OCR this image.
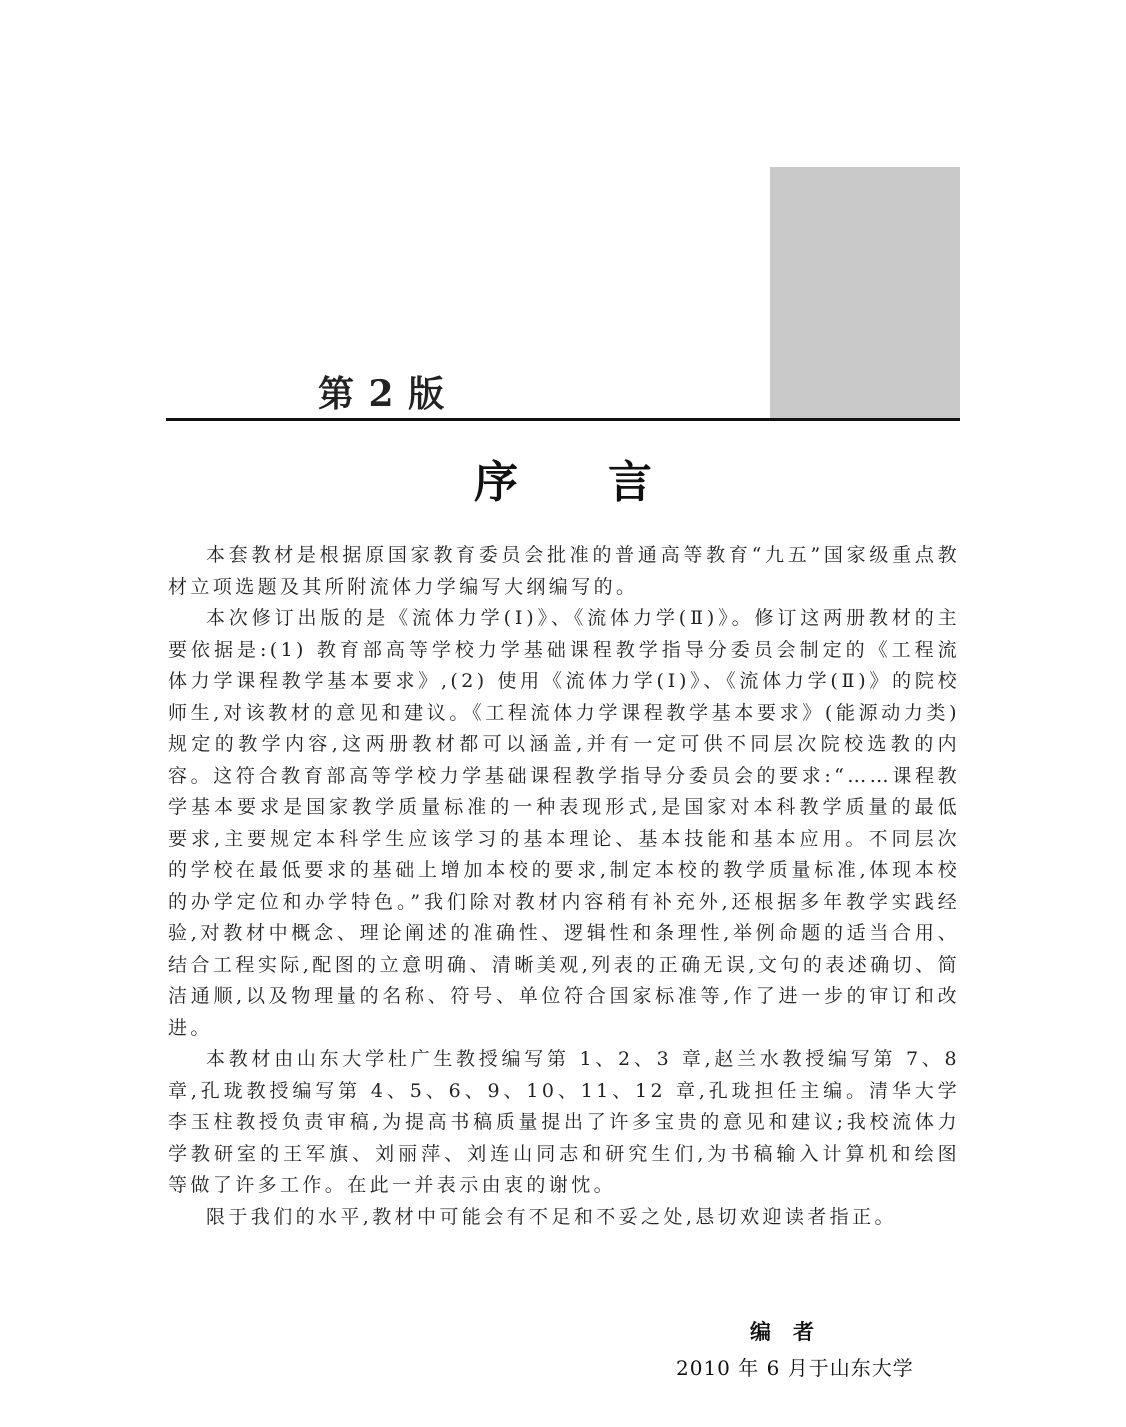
第 2 版
序言

本套教材是根据原国家教育委员会批准的普通高等教育“九五”国家级重点教材立项选题及其所附流体力学编写大纲编写的。

本次修订出版的是《流体力学(Ⅰ)》、《流体力学(Ⅱ)》。修订这两册教材的主要依据是:(1) 教育部高等学校力学基础课程教学指导分委员会制定的《工程流体力学课程教学基本要求》,(2) 使用《流体力学(Ⅰ)》、《流体力学(Ⅱ)》的院校师生,对该教材的意见和建议。《工程流体力学课程教学基本要求》(能源动力类)规定的教学内容,这两册教材都可以涵盖,并有一定可供不同层次院校选教的内容。这符合教育部高等学校力学基础课程教学指导分委员会的要求:“……课程教学基本要求是国家教学质量标准的一种表现形式,是国家对本科教学质量的最低要求,主要规定本科学生应该学习的基本理论、基本技能和基本应用。不同层次的学校在最低要求的基础上增加本校的要求,制定本校的教学质量标准,体现本校的办学定位和办学特色。”我们除对教材内容稍有补充外,还根据多年教学实践经验,对教材中概念、理论阐述的准确性、逻辑性和条理性,举例命题的适当合用、结合工程实际,配图的立意明确、清晰美观,列表的正确无误,文句的表述确切、简洁通顺,以及物理量的名称、符号、单位符合国家标准等,作了进一步的审订和改进。

本教材由山东大学杜广生教授编写第 1、2、3 章,赵兰水教授编写第 7、8 章,孔珑教授编写第 4、5、6、9、10、11、12 章,孔珑担任主编。清华大学李玉柱教授负责审稿,为提高书稿质量提出了许多宝贵的意见和建议;我校流体力学教研室的王军旗、刘丽萍、刘连山同志和研究生们,为书稿输入计算机和绘图等做了许多工作。在此一并表示由衷的谢忱。

限于我们的水平,教材中可能会有不足和不妥之处,恳切欢迎读者指正。

编者
2010 年 6 月于山东大学
